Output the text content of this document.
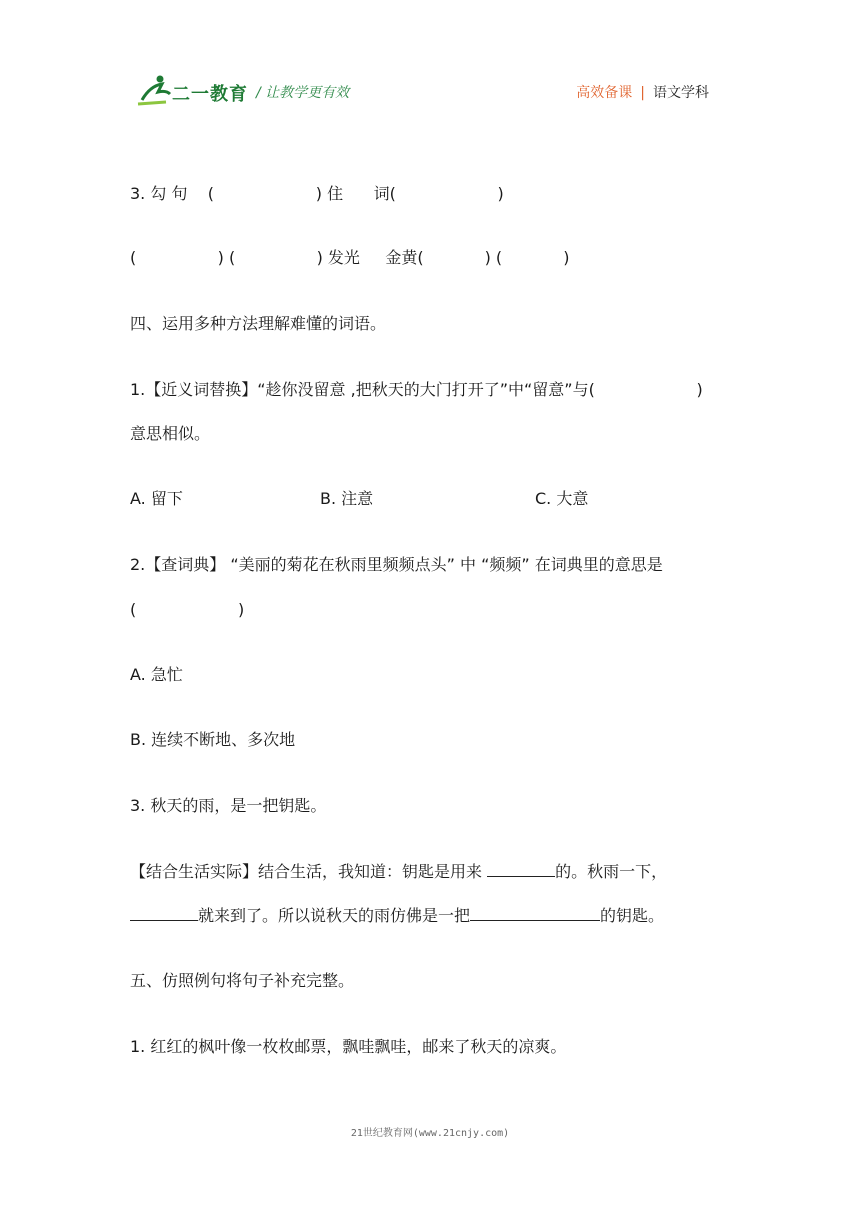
二一教育 / 让教学更有效	高效备课 | 语文学科
3. 勾 句    (                    ) 住      词(                    )
(                ) (                ) 发光     金黄(            ) (            )
四、运用多种方法理解难懂的词语。
1.【近义词替换】“趁你没留意 ,把秋天的大门打开了”中“留意”与(                    )
意思相似。
A. 留下	B. 注意	C. 大意
2.【查词典】 “美丽的菊花在秋雨里频频点头” 中 “频频” 在词典里的意思是
(                    )
A. 急忙
B. 连续不断地、多次地
3. 秋天的雨，是一把钥匙。
【结合生活实际】结合生活，我知道：钥匙是用来	的。秋雨一下，
就来到了。所以说秋天的雨仿佛是一把	的钥匙。
五、仿照例句将句子补充完整。
1. 红红的枫叶像一枚枚邮票，飘哇飘哇，邮来了秋天的凉爽。
21世纪教育网(www.21cnjy.com)
